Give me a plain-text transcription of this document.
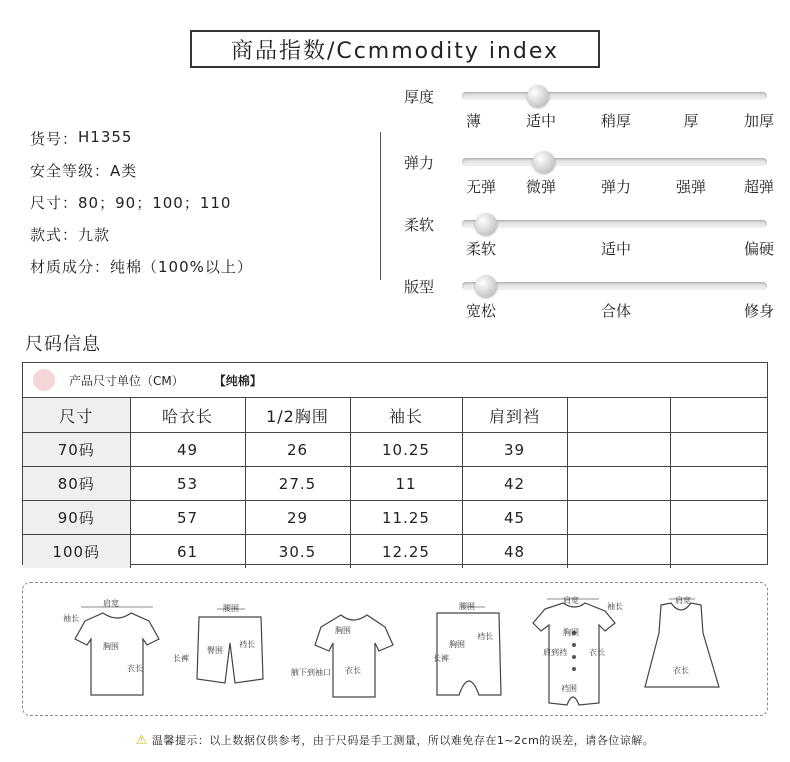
商品指数/Ccmmodity index
货号： H1355
安全等级： A类
尺寸： 80；90；100；110
款式： 九款
材质成分： 纯棉（100%以上）
厚度
薄	适中	稍厚	厚	加厚
弹力
无弹 微弹	弹力	强弹	超弹
柔软
柔软	适中	偏硬
版型
宽松	合体	修身
尺码信息
产品尺寸单位（CM）	【纯棉】
尺寸	哈衣长	1/2胸围	袖长	肩到裆		
70码	49	26	10.25	39		
80码	53	27.5	11	42		
90码	57	29	11.25	45		
100码	61	30.5	12.25	48		
肩宽
袖长
胸围
衣长
腰围
臀围
裆长
长裤
胸围
腋下到袖口 衣长
腰围
胸围
裆长
长裤
肩宽
袖长
胸围
肩到裆
裆围
衣长
肩宽
衣长
⚠ 温馨提示：以上数据仅供参考，由于尺码是手工测量，所以难免存在1~2cm的误差，请各位谅解。
